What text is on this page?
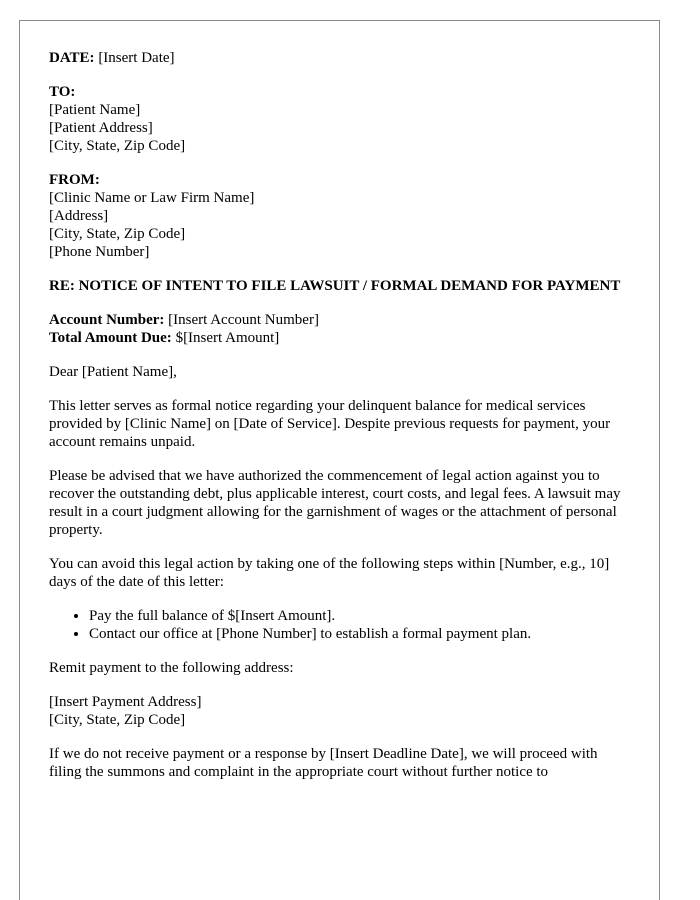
DATE: [Insert Date]

TO:
[Patient Name]
[Patient Address]
[City, State, Zip Code]
FROM:
[Clinic Name or Law Firm Name]
[Address]
[City, State, Zip Code]
[Phone Number]

RE: NOTICE OF INTENT TO FILE LAWSUIT / FORMAL DEMAND FOR PAYMENT

Account Number: [Insert Account Number]
Total Amount Due: $[Insert Amount]

Dear [Patient Name],

This letter serves as formal notice regarding your delinquent balance for medical services provided by [Clinic Name] on [Date of Service]. Despite previous requests for payment, your account remains unpaid.

Please be advised that we have authorized the commencement of legal action against you to recover the outstanding debt, plus applicable interest, court costs, and legal fees. A lawsuit may result in a court judgment allowing for the garnishment of wages or the attachment of personal property.

You can avoid this legal action by taking one of the following steps within [Number, e.g., 10] days of the date of this letter:

• Pay the full balance of $[Insert Amount].
• Contact our office at [Phone Number] to establish a formal payment plan.

Remit payment to the following address:

[Insert Payment Address]
[City, State, Zip Code]

If we do not receive payment or a response by [Insert Deadline Date], we will proceed with filing the summons and complaint in the appropriate court without further notice to
